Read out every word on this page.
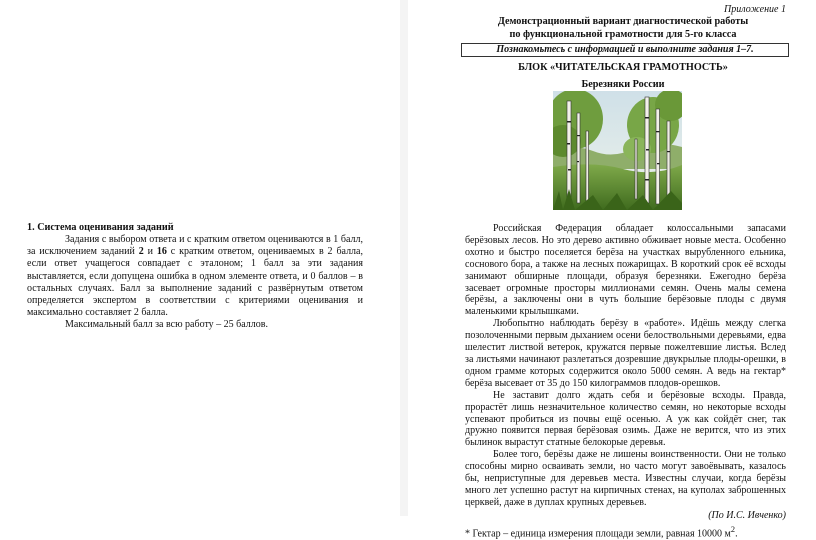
1. Система оценивания заданий

Задания с выбором ответа и с кратким ответом оцениваются в 1 балл, за исключением заданий 2 и 16 с кратким ответом, оцениваемых в 2 балла, если ответ учащегося совпадает с эталоном; 1 балл за эти задания выставляется, если допущена ошибка в одном элементе ответа, и 0 баллов – в остальных случаях. Балл за выполнение заданий с развёрнутым ответом определяется экспертом в соответствии с критериями оценивания и максимально составляет 2 балла.

Максимальный балл за всю работу – 25 баллов.

Приложение 1
Демонстрационный вариант диагностической работы
по функциональной грамотности для 5-го класса
Познакомьтесь с информацией и выполните задания 1–7.
БЛОК «ЧИТАТЕЛЬСКАЯ ГРАМОТНОСТЬ»
Березняки России

Российская Федерация обладает колоссальными запасами берёзовых лесов. Но это дерево активно обживает новые места. Особенно охотно и быстро поселяется берёза на участках вырубленного ельника, соснового бора, а также на лесных пожарищах. В короткий срок её всходы занимают обширные площади, образуя березняки. Ежегодно берёза засевает огромные просторы миллионами семян. Очень малы семена берёзы, а заключены они в чуть большие берёзовые плоды с двумя маленькими крылышками.

Любопытно наблюдать берёзу в «работе». Идёшь между слегка позолоченными первым дыханием осени белоствольными деревьями, едва шелестит листвой ветерок, кружатся первые пожелтевшие листья. Вслед за листьями начинают разлетаться дозревшие двукрылые плоды-орешки, в одном грамме которых содержится около 5000 семян. А ведь на гектар* берёза высевает от 35 до 150 килограммов плодов-орешков.

Не заставит долго ждать себя и берёзовые всходы. Правда, прорастёт лишь незначительное количество семян, но некоторые всходы успевают пробиться из почвы ещё осенью. А уж как сойдёт снег, так дружно появится первая берёзовая озимь. Даже не верится, что из этих былинок вырастут статные белокорые деревья.

Более того, берёзы даже не лишены воинственности. Они не только способны мирно осваивать земли, но часто могут завоёвывать, казалось бы, неприступные для деревьев места. Известны случаи, когда берёзы много лет успешно растут на кирпичных стенах, на куполах заброшенных церквей, даже в дуплах крупных деревьев.

(По И.С. Ивченко)

* Гектар – единица измерения площади земли, равная 10000 $м^2$.
